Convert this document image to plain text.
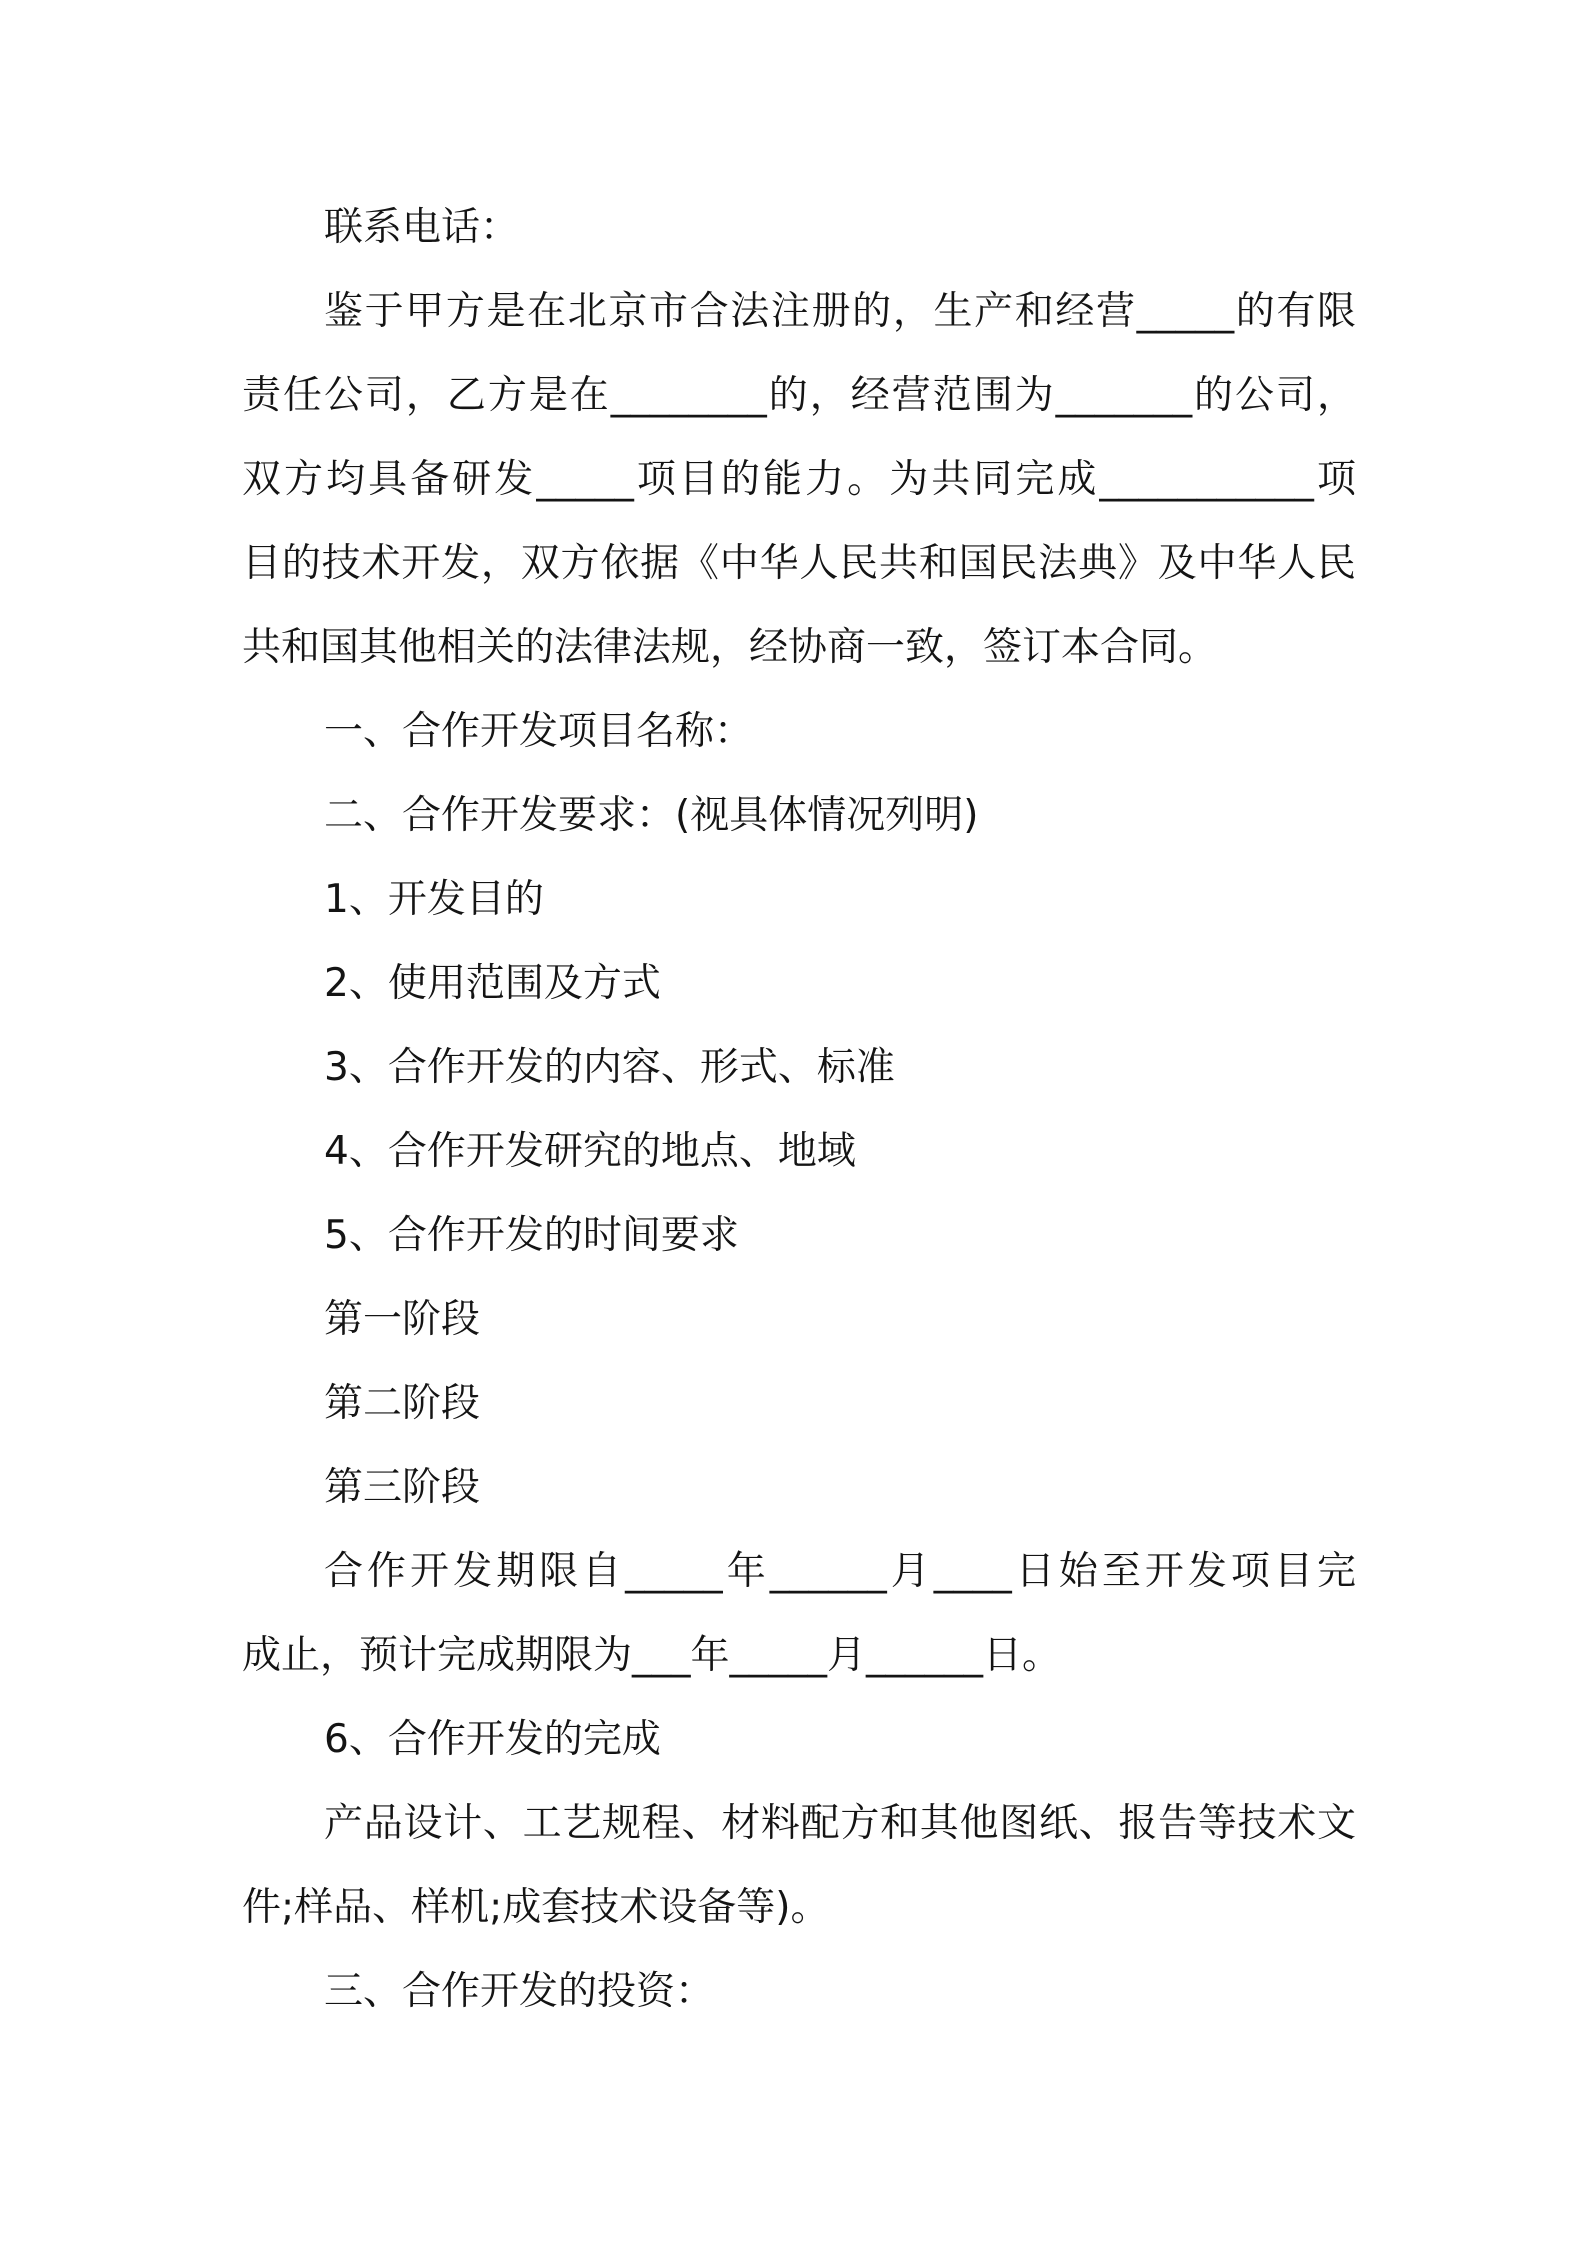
联系电话：
鉴于甲方是在北京市合法注册的，生产和经营_____的有限
责任公司，乙方是在________的，经营范围为_______的公司，
双方均具备研发_____项目的能力。为共同完成___________项
目的技术开发，双方依据《中华人民共和国民法典》及中华人民
共和国其他相关的法律法规，经协商一致，签订本合同。
一、合作开发项目名称：
二、合作开发要求：(视具体情况列明)
1、开发目的
2、使用范围及方式
3、合作开发的内容、形式、标准
4、合作开发研究的地点、地域
5、合作开发的时间要求
第一阶段
第二阶段
第三阶段
合作开发期限自_____年______月____日始至开发项目完
成止，预计完成期限为___年_____月______日。
6、合作开发的完成
产品设计、工艺规程、材料配方和其他图纸、报告等技术文
件;样品、样机;成套技术设备等)。
三、合作开发的投资：
